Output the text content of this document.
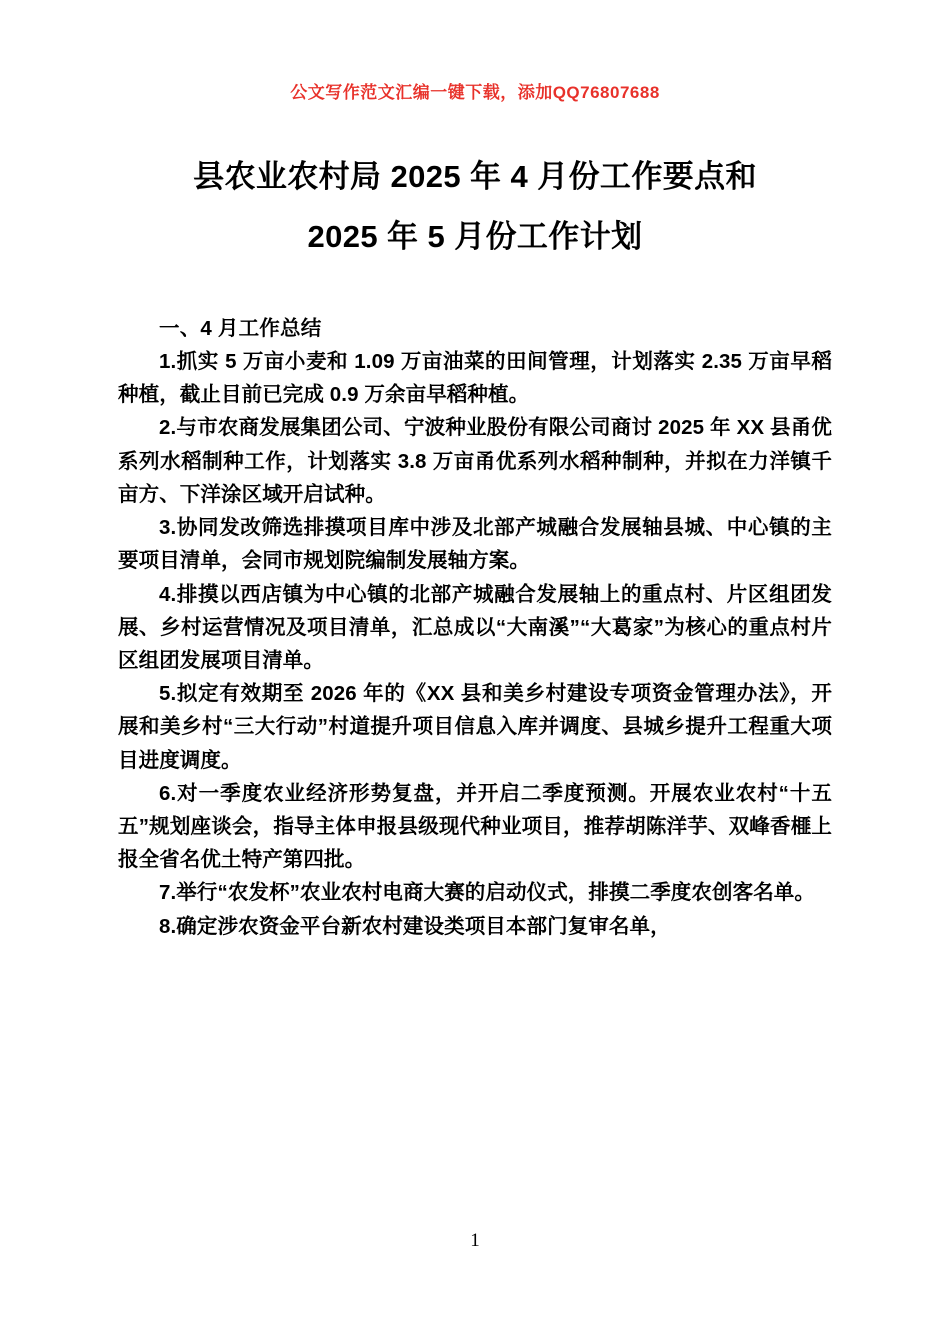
公文写作范文汇编一键下载，添加QQ76807688
县农业农村局 2025 年 4 月份工作要点和
2025 年 5 月份工作计划
一、4 月工作总结

1.抓实 5 万亩小麦和 1.09 万亩油菜的田间管理，计划落实 2.35 万亩早稻种植，截止目前已完成 0.9 万余亩早稻种植。

2.与市农商发展集团公司、宁波种业股份有限公司商讨 2025 年 XX 县甬优系列水稻制种工作，计划落实 3.8 万亩甬优系列水稻种制种，并拟在力洋镇千亩方、下洋涂区域开启试种。

3.协同发改筛选排摸项目库中涉及北部产城融合发展轴县城、中心镇的主要项目清单，会同市规划院编制发展轴方案。

4.排摸以西店镇为中心镇的北部产城融合发展轴上的重点村、片区组团发展、乡村运营情况及项目清单，汇总成以“大南溪”“大葛家”为核心的重点村片区组团发展项目清单。

5.拟定有效期至 2026 年的《XX 县和美乡村建设专项资金管理办法》，开展和美乡村“三大行动”村道提升项目信息入库并调度、县城乡提升工程重大项目进度调度。

6.对一季度农业经济形势复盘，并开启二季度预测。开展农业农村“十五五”规划座谈会，指导主体申报县级现代种业项目，推荐胡陈洋芋、双峰香榧上报全省名优土特产第四批。

7.举行“农发杯”农业农村电商大赛的启动仪式，排摸二季度农创客名单。

8.确定涉农资金平台新农村建设类项目本部门复审名单，

1
